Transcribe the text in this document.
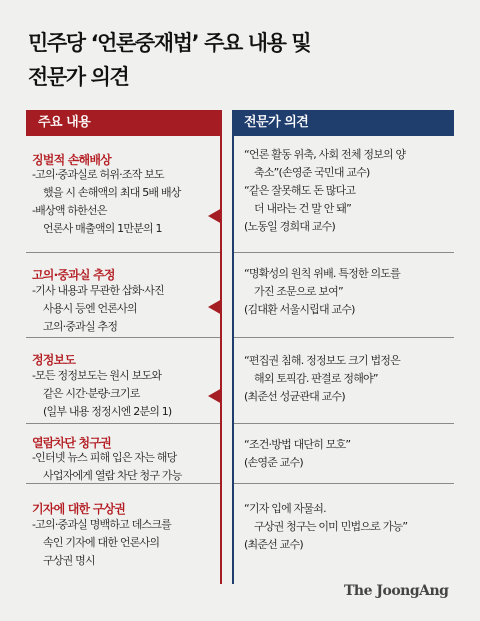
민주당 ‘언론중재법’ 주요 내용 및
전문가 의견
주요 내용	전문가 의견
징벌적 손해배상
-고의·중과실로 허위·조작 보도
했을 시 손해액의 최대 5배 배상
-배상액 하한선은
언론사 매출액의 1만분의 1
고의·중과실 추정
-기사 내용과 무관한 삽화·사진
사용시 등엔 언론사의
고의·중과실 추정
정정보도
-모든 정정보도는 원시 보도와
같은 시간·분량·크기로
(일부 내용 정정시엔 2분의 1)
열람차단 청구권
-인터넷 뉴스 피해 입은 자는 해당
사업자에게 열람 차단 청구 가능
기자에 대한 구상권
-고의·중과실 명백하고 데스크를
속인 기자에 대한 언론사의
구상권 명시
“언론 활동 위축, 사회 전체 정보의 양
축소”(손영준 국민대 교수)
“같은 잘못해도 돈 많다고
더 내라는 건 말 안 돼”
(노동일 경희대 교수)
“명확성의 원칙 위배. 특정한 의도를
가진 조문으로 보여”
(김대환 서울시립대 교수)
“편집권 침해. 정정보도 크기 법정은
해외 토픽감. 판결로 정해야”
(최준선 성균관대 교수)
“조건·방법 대단히 모호”
(손영준 교수)
“기자 입에 자물쇠.
구상권 청구는 이미 민법으로 가능”
(최준선 교수)
The JoongAng
